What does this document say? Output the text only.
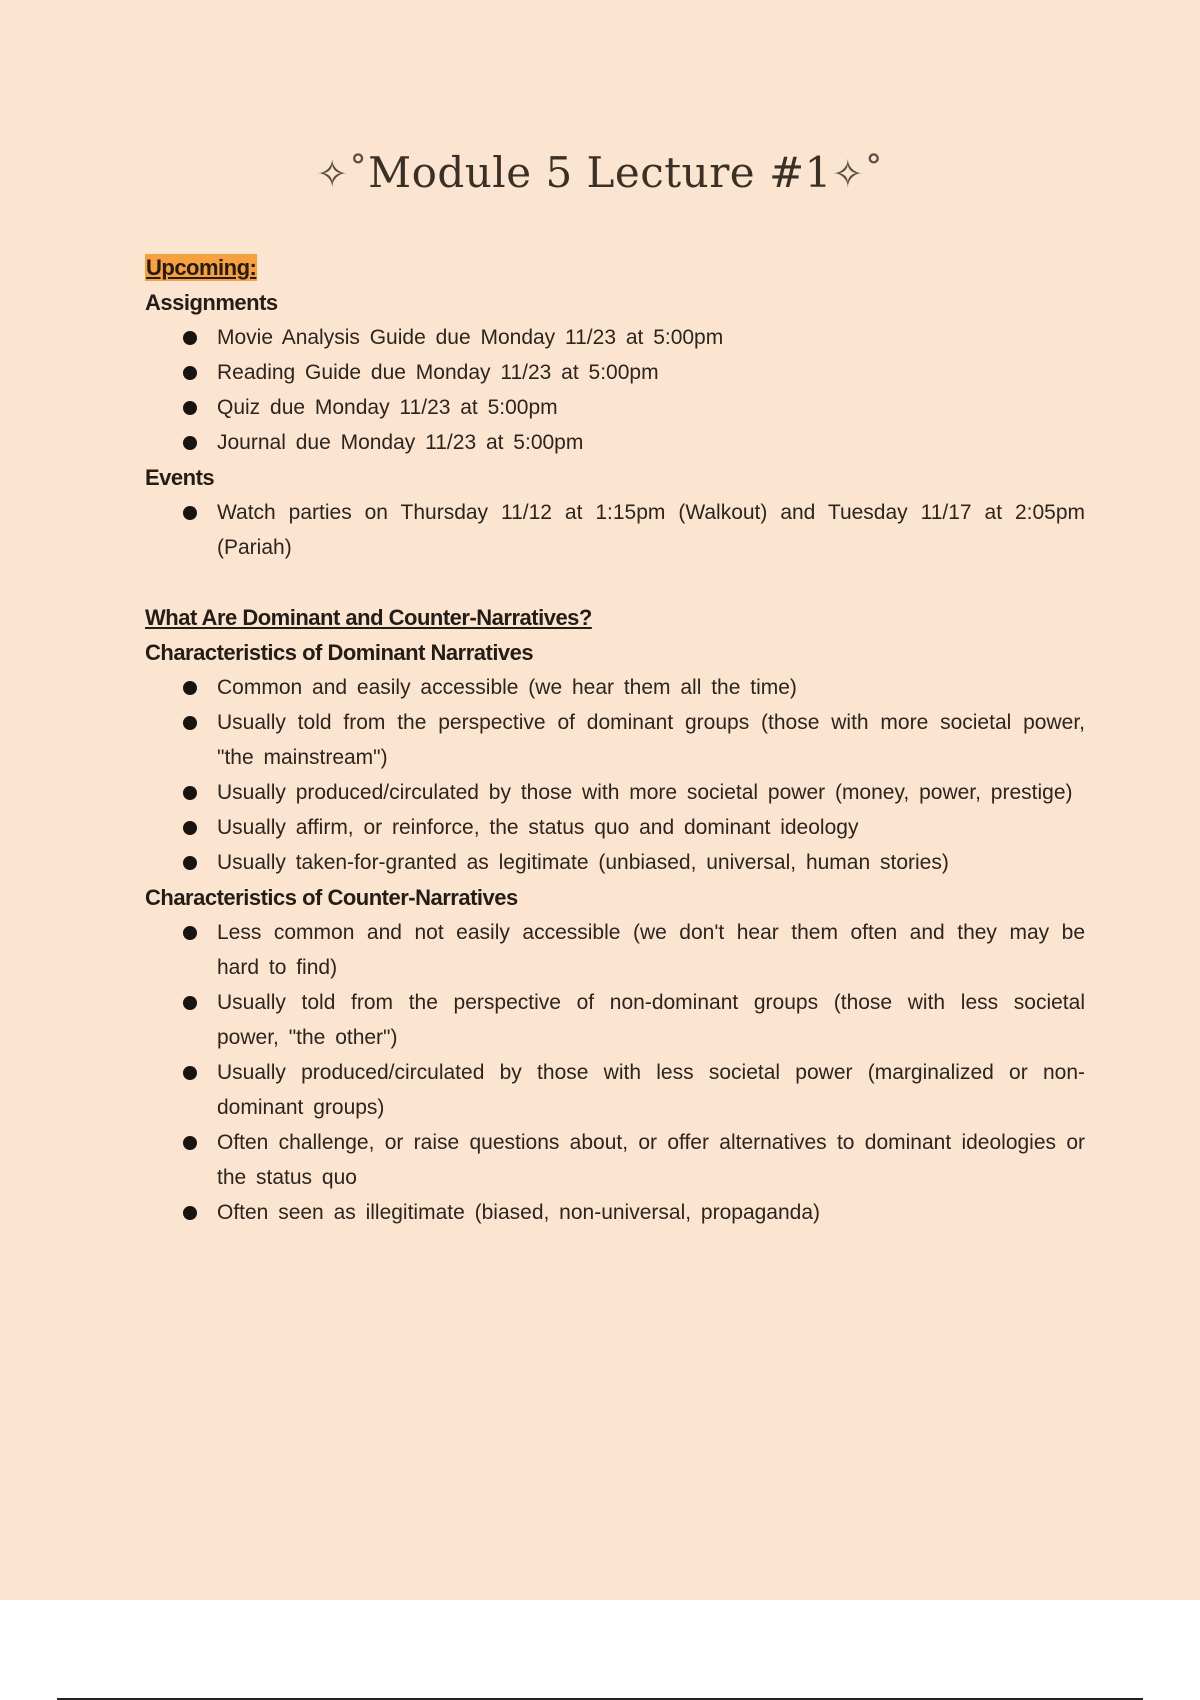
✧˚Module 5 Lecture #1✧˚
Upcoming:
Assignments
Movie Analysis Guide due Monday 11/23 at 5:00pm
Reading Guide due Monday 11/23 at 5:00pm
Quiz due Monday 11/23 at 5:00pm
Journal due Monday 11/23 at 5:00pm
Events
Watch parties on Thursday 11/12 at 1:15pm (Walkout) and Tuesday 11/17 at 2:05pm (Pariah)
What Are Dominant and Counter-Narratives?
Characteristics of Dominant Narratives
Common and easily accessible (we hear them all the time)
Usually told from the perspective of dominant groups (those with more societal power, "the mainstream")
Usually produced/circulated by those with more societal power (money, power, prestige)
Usually affirm, or reinforce, the status quo and dominant ideology
Usually taken-for-granted as legitimate (unbiased, universal, human stories)
Characteristics of Counter-Narratives
Less common and not easily accessible (we don't hear them often and they may be hard to find)
Usually told from the perspective of non-dominant groups (those with less societal power, "the other")
Usually produced/circulated by those with less societal power (marginalized or non-dominant groups)
Often challenge, or raise questions about, or offer alternatives to dominant ideologies or the status quo
Often seen as illegitimate (biased, non-universal, propaganda)
